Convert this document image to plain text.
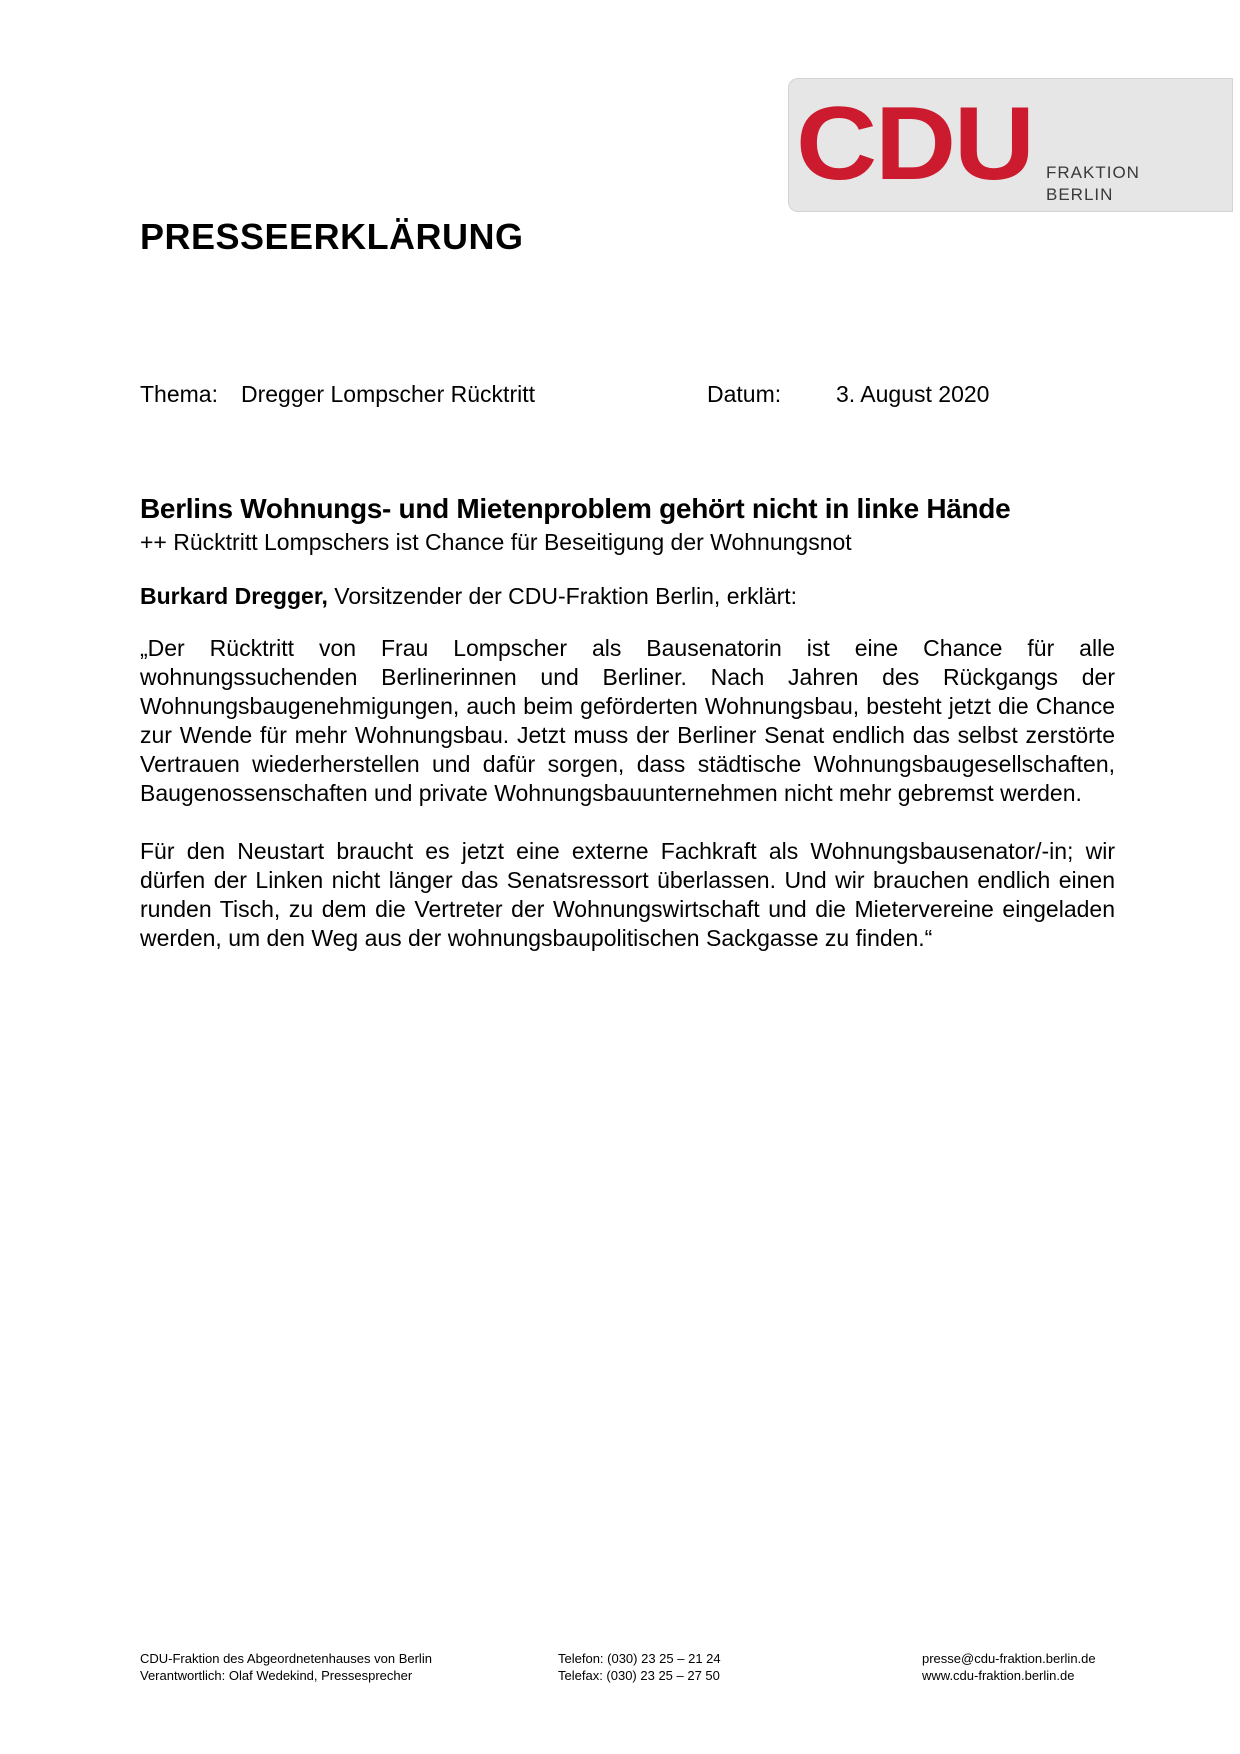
CDU FRAKTION
BERLIN
PRESSEERKLÄRUNG
Thema: Dregger Lompscher Rücktritt	Datum: 3. August 2020
Berlins Wohnungs- und Mietenproblem gehört nicht in linke Hände

++ Rücktritt Lompschers ist Chance für Beseitigung der Wohnungsnot

Burkard Dregger, Vorsitzender der CDU-Fraktion Berlin, erklärt:

„Der Rücktritt von Frau Lompscher als Bausenatorin ist eine Chance für alle wohnungssuchenden Berlinerinnen und Berliner. Nach Jahren des Rückgangs der Wohnungsbaugenehmigungen, auch beim geförderten Wohnungsbau, besteht jetzt die Chance zur Wende für mehr Wohnungsbau. Jetzt muss der Berliner Senat endlich das selbst zerstörte Vertrauen wiederherstellen und dafür sorgen, dass städtische Wohnungsbaugesellschaften, Baugenossenschaften und private Wohnungsbauunternehmen nicht mehr gebremst werden.

Für den Neustart braucht es jetzt eine externe Fachkraft als Wohnungsbausenator/-in; wir dürfen der Linken nicht länger das Senatsressort überlassen. Und wir brauchen endlich einen runden Tisch, zu dem die Vertreter der Wohnungswirtschaft und die Mietervereine eingeladen werden, um den Weg aus der wohnungsbaupolitischen Sackgasse zu finden.“

CDU-Fraktion des Abgeordnetenhauses von Berlin
Verantwortlich: Olaf Wedekind, Pressesprecher
Telefon: (030) 23 25 – 21 24
Telefax: (030) 23 25 – 27 50
presse@cdu-fraktion.berlin.de
www.cdu-fraktion.berlin.de
